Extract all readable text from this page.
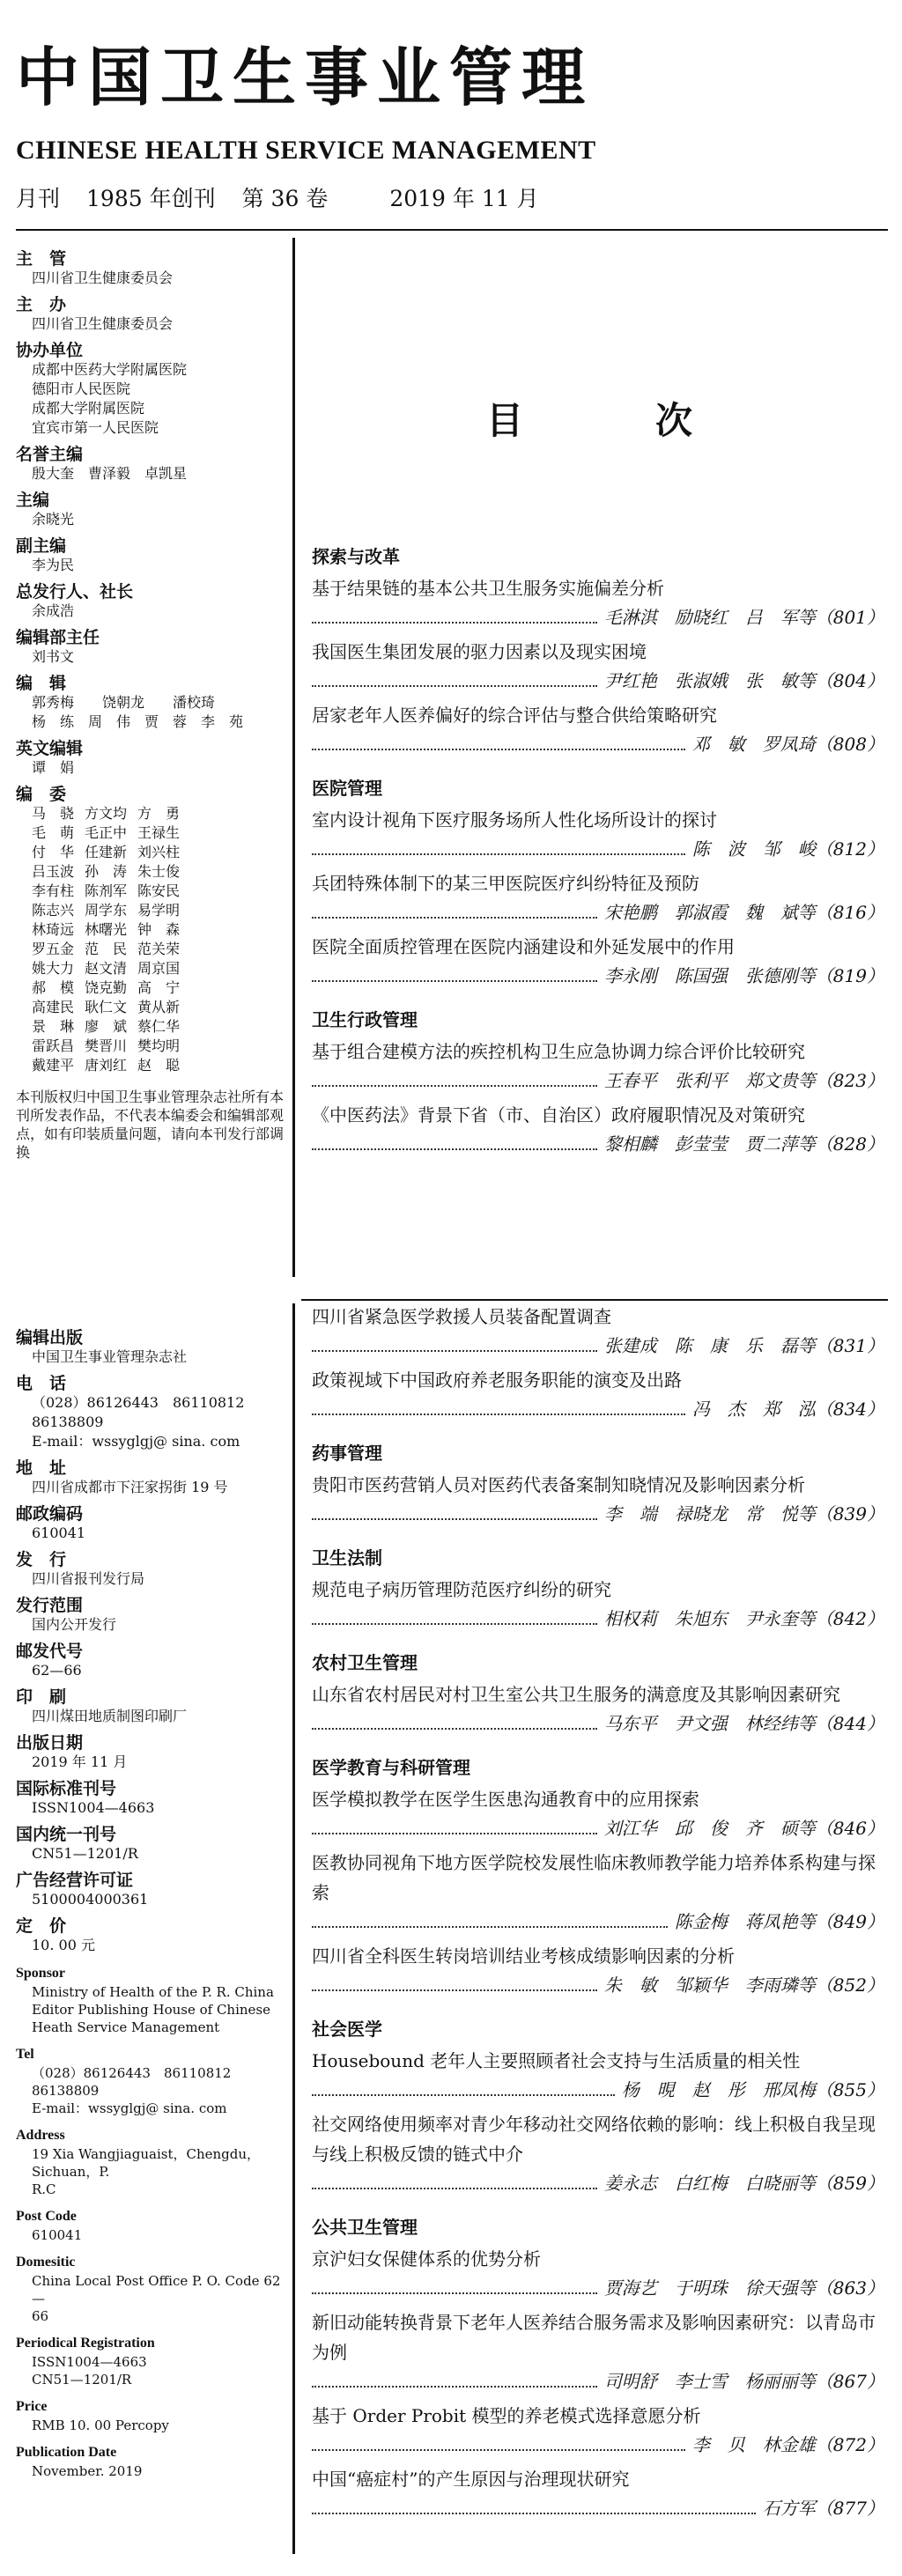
中国卫生事业管理
CHINESE HEALTH SERVICE MANAGEMENT
月刊 1985 年创刊 第 36 卷	2019 年 11 月
主　管
四川省卫生健康委员会
主　办
四川省卫生健康委员会
协办单位
成都中医药大学附属医院
德阳市人民医院
成都大学附属医院
宜宾市第一人民医院
名誉主编
殷大奎　曹泽毅　卓凯星
主编
余晓光
副主编
李为民
总发行人、社长
余成浩
编辑部主任
刘书文
编　辑
郭秀梅　　饶朝龙　　潘校琦
杨　练　周　伟　贾　蓉　李　苑
英文编辑
谭　娟
编　委
马　骁 方文均 方　勇
毛　萌 毛正中 王禄生
付　华 任建新 刘兴柱
吕玉波 孙　涛 朱士俊
李有柱 陈剂军 陈安民
陈志兴 周学东 易学明
林琦远 林曙光 钟　森
罗五金 范　民 范关荣
姚大力 赵文清 周京国
郝　模 饶克勤 高　宁
高建民 耿仁文 黄从新
景　琳 廖　斌 蔡仁华
雷跃昌 樊晋川 樊均明
戴建平 唐刘红 赵　聪
本刊版权归中国卫生事业管理杂志社所有本刊所发表作品，不代表本编委会和编辑部观点，如有印装质量问题，请向本刊发行部调换
编辑出版
中国卫生事业管理杂志社
电　话
（028）86126443　86110812　86138809
E-mail：wssyglgj@ sina. com
地　址
四川省成都市下汪家拐街 19 号
邮政编码
610041
发　行
四川省报刊发行局
发行范围
国内公开发行
邮发代号
62—66
印　刷
四川煤田地质制图印刷厂
出版日期
2019 年 11 月
国际标准刊号
ISSN1004—4663
国内统一刊号
CN51—1201/R
广告经营许可证
5100004000361
定　价
10. 00 元
Sponsor
Ministry of Health of the P. R. China
Editor Publishing House of Chinese
Heath Service Management
Tel
（028）86126443　86110812　86138809
E-mail：wssyglgj@ sina. com
Address
19 Xia Wangjiaguaist，Chengdu，Sichuan，P.
R.C
Post Code
610041
Domesitic
China Local Post Office P. O. Code 62—
66
Periodical Registration
ISSN1004—4663
CN51—1201/R
Price
RMB 10. 00 Percopy
Publication Date
November. 2019
目	次
探索与改革
基于结果链的基本公共卫生服务实施偏差分析
毛淋淇　励晓红　吕　军等（801）
我国医生集团发展的驱力因素以及现实困境
尹红艳　张淑娥　张　敏等（804）
居家老年人医养偏好的综合评估与整合供给策略研究
邓　敏　罗凤琦（808）
医院管理
室内设计视角下医疗服务场所人性化场所设计的探讨
陈　波　邹　峻（812）
兵团特殊体制下的某三甲医院医疗纠纷特征及预防
宋艳鹏　郭淑霞　魏　斌等（816）
医院全面质控管理在医院内涵建设和外延发展中的作用
李永刚　陈国强　张德刚等（819）
卫生行政管理
基于组合建模方法的疾控机构卫生应急协调力综合评价比较研究
王春平　张利平　郑文贵等（823）
《中医药法》背景下省（市、自治区）政府履职情况及对策研究
黎相麟　彭莹莹　贾二萍等（828）
四川省紧急医学救援人员装备配置调查
张建成　陈　康　乐　磊等（831）
政策视域下中国政府养老服务职能的演变及出路
冯　杰　郑　泓（834）
药事管理
贵阳市医药营销人员对医药代表备案制知晓情况及影响因素分析
李　端　禄晓龙　常　悦等（839）
卫生法制
规范电子病历管理防范医疗纠纷的研究
相权莉　朱旭东　尹永奎等（842）
农村卫生管理
山东省农村居民对村卫生室公共卫生服务的满意度及其影响因素研究
马东平　尹文强　林经纬等（844）
医学教育与科研管理
医学模拟教学在医学生医患沟通教育中的应用探索
刘江华　邱　俊　齐　硕等（846）
医教协同视角下地方医学院校发展性临床教师教学能力培养体系构建与探索
陈金梅　蒋凤艳等（849）
四川省全科医生转岗培训结业考核成绩影响因素的分析
朱　敏　邹颖华　李雨璘等（852）
社会医学
Housebound 老年人主要照顾者社会支持与生活质量的相关性
杨　晛　赵　彤　邢凤梅（855）
社交网络使用频率对青少年移动社交网络依赖的影响：线上积极自我呈现与线上积极反馈的链式中介
姜永志　白红梅　白晓丽等（859）
公共卫生管理
京沪妇女保健体系的优势分析
贾海艺　于明珠　徐天强等（863）
新旧动能转换背景下老年人医养结合服务需求及影响因素研究：以青岛市为例
司明舒　李士雪　杨丽丽等（867）
基于 Order Probit 模型的养老模式选择意愿分析
李　贝　林金雄（872）
中国“癌症村”的产生原因与治理现状研究
石方军（877）
